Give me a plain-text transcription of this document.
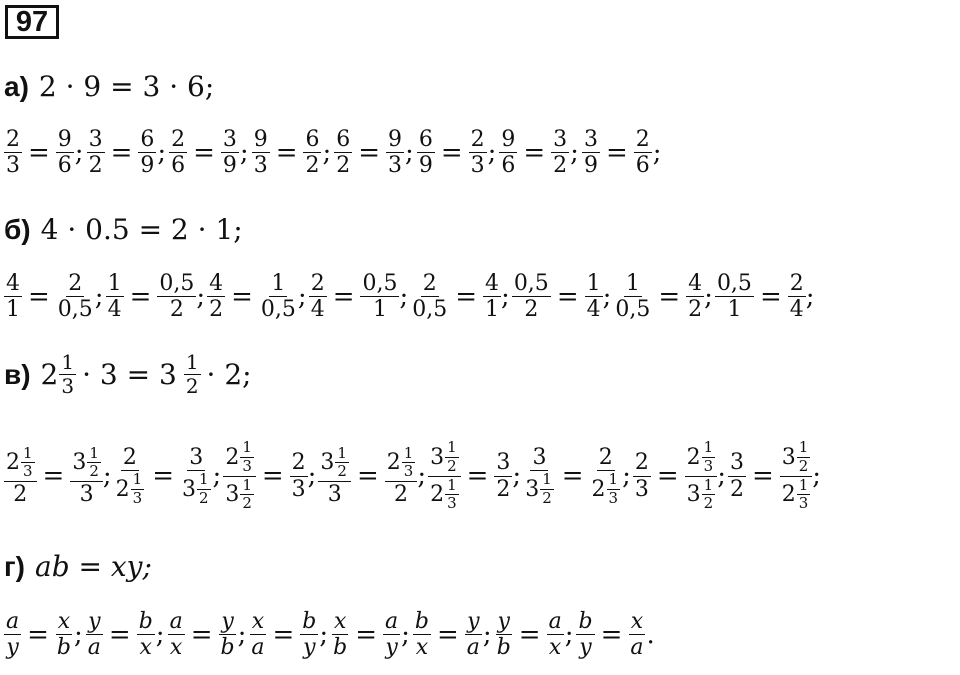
97
а) 2 · 9 = 3 · 6;
$\frac{2}{3} = \frac{9}{6}$ ; $\frac{3}{2} = \frac{6}{9}$ ; $\frac{2}{6} = \frac{3}{9}$ ; $\frac{9}{3} = \frac{6}{2}$ ; $\frac{6}{2} = \frac{9}{3}$ ; $\frac{6}{9} = \frac{2}{3}$ ; $\frac{9}{6} = \frac{3}{2}$ ; $\frac{3}{9} = \frac{2}{6}$ ;
б) 4 · 0.5 = 2 · 1;
$\frac{4}{1} = \frac{2}{0,5}$ ; $\frac{1}{4} = \frac{0,5}{2}$ ; $\frac{4}{2} = \frac{1}{0,5}$ ; $\frac{2}{4} = \frac{0,5}{1}$ ; $\frac{2}{0,5} = \frac{4}{1}$ ; $\frac{0,5}{2} = \frac{1}{4}$ ; $\frac{1}{0,5} = \frac{4}{2}$ ; $\frac{0,5}{1} = \frac{2}{4}$ ;
в) $2 \frac{1}{3} \cdot 3 = 3 \frac{1}{2} \cdot 2$;
$\frac{2 \frac{1}{3}}{2} = \frac{3 \frac{1}{2}}{3}$ ; $\frac{2}{2 \frac{1}{3}} = \frac{3}{3 \frac{1}{2}}$ ; $\frac{2 \frac{1}{3}}{3 \frac{1}{2}} = \frac{2}{3}$ ; $\frac{3 \frac{1}{2}}{3} = \frac{2 \frac{1}{3}}{2}$ ; $\frac{3 \frac{1}{2}}{2 \frac{1}{3}} = \frac{3}{2}$ ; $\frac{3}{3 \frac{1}{2}} = \frac{2}{2 \frac{1}{3}}$ ; $\frac{2}{3} = \frac{2 \frac{1}{3}}{3 \frac{1}{2}}$ ; $\frac{3}{2} = \frac{3 \frac{1}{2}}{2 \frac{1}{3}}$ ;
г) ab = xy;
$\frac{a}{y} = \frac{x}{b}$ ; $\frac{y}{a} = \frac{b}{x}$ ; $\frac{a}{x} = \frac{y}{b}$ ; $\frac{x}{a} = \frac{b}{y}$ ; $\frac{x}{b} = \frac{a}{y}$ ; $\frac{b}{x} = \frac{y}{a}$ ; $\frac{y}{b} = \frac{a}{x}$ ; $\frac{b}{y} = \frac{x}{a}$ .
